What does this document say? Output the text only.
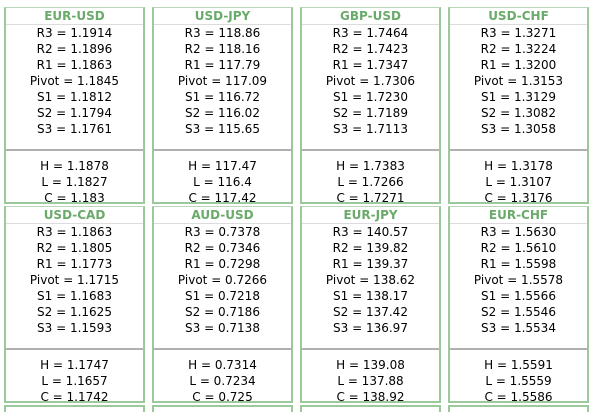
EUR-USD
R3 = 1.1914
R2 = 1.1896
R1 = 1.1863
Pivot = 1.1845
S1 = 1.1812
S2 = 1.1794
S3 = 1.1761
H = 1.1878
L = 1.1827
C = 1.183
USD-JPY
R3 = 118.86
R2 = 118.16
R1 = 117.79
Pivot = 117.09
S1 = 116.72
S2 = 116.02
S3 = 115.65
H = 117.47
L = 116.4
C = 117.42
GBP-USD
R3 = 1.7464
R2 = 1.7423
R1 = 1.7347
Pivot = 1.7306
S1 = 1.7230
S2 = 1.7189
S3 = 1.7113
H = 1.7383
L = 1.7266
C = 1.7271
USD-CHF
R3 = 1.3271
R2 = 1.3224
R1 = 1.3200
Pivot = 1.3153
S1 = 1.3129
S2 = 1.3082
S3 = 1.3058
H = 1.3178
L = 1.3107
C = 1.3176
USD-CAD
R3 = 1.1863
R2 = 1.1805
R1 = 1.1773
Pivot = 1.1715
S1 = 1.1683
S2 = 1.1625
S3 = 1.1593
H = 1.1747
L = 1.1657
C = 1.1742
AUD-USD
R3 = 0.7378
R2 = 0.7346
R1 = 0.7298
Pivot = 0.7266
S1 = 0.7218
S2 = 0.7186
S3 = 0.7138
H = 0.7314
L = 0.7234
C = 0.725
EUR-JPY
R3 = 140.57
R2 = 139.82
R1 = 139.37
Pivot = 138.62
S1 = 138.17
S2 = 137.42
S3 = 136.97
H = 139.08
L = 137.88
C = 138.92
EUR-CHF
R3 = 1.5630
R2 = 1.5610
R1 = 1.5598
Pivot = 1.5578
S1 = 1.5566
S2 = 1.5546
S3 = 1.5534
H = 1.5591
L = 1.5559
C = 1.5586
